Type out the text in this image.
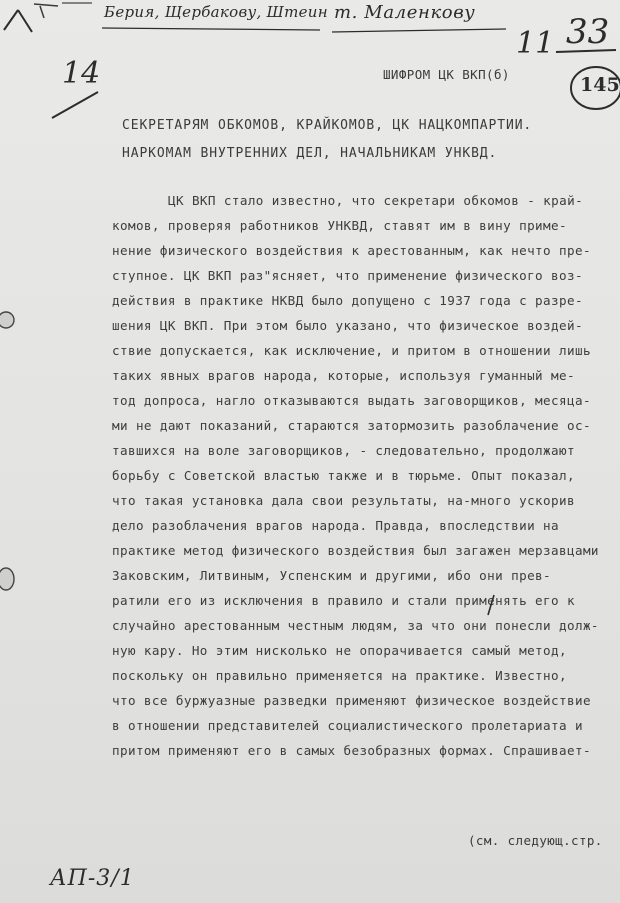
Берия, Щербакову, Штеин т. Маленкову
14
11 33
145
ШИФРОМ ЦК ВКП(б)
СЕКРЕТАРЯМ ОБКОМОВ, КРАЙКОМОВ, ЦК НАЦКОМПАРТИИ.
НАРКОМАМ ВНУТРЕННИХ ДЕЛ, НАЧАЛЬНИКАМ УНКВД.
ЦК ВКП стало известно, что секретари обкомов - край-
комов, проверяя работников УНКВД, ставят им в вину приме-
нение физического воздействия к арестованным, как нечто пре-
ступное. ЦК ВКП раз"ясняет, что применение физического воз-
действия в практике НКВД было допущено с 1937 года с разре-
шения ЦК ВКП. При этом было указано, что физическое воздей-
ствие допускается, как исключение, и притом в отношении лишь
таких явных врагов народа, которые, используя гуманный ме-
тод допроса, нагло отказываются выдать заговорщиков, месяца-
ми не дают показаний, стараются затормозить разоблачение ос-
тавшихся на воле заговорщиков, - следовательно, продолжают
борьбу с Советской властью также и в тюрьме. Опыт показал,
что такая установка дала свои результаты, на-много ускорив
дело разоблачения врагов народа. Правда, впоследствии на
практике метод физического воздействия был загажен мерзавцами
Заковским, Литвиным, Успенским и другими, ибо они прев-
ратили его из исключения в правило и стали применять его к
случайно арестованным честным людям, за что они понесли долж-
ную кару. Но этим нисколько не опорачивается самый метод,
поскольку он правильно применяется на практике. Известно,
что все буржуазные разведки применяют физическое воздействие
в отношении представителей социалистического пролетариата и
притом применяют его в самых безобразных формах. Спрашивает-
(см. следующ.стр.
АП-3/1
